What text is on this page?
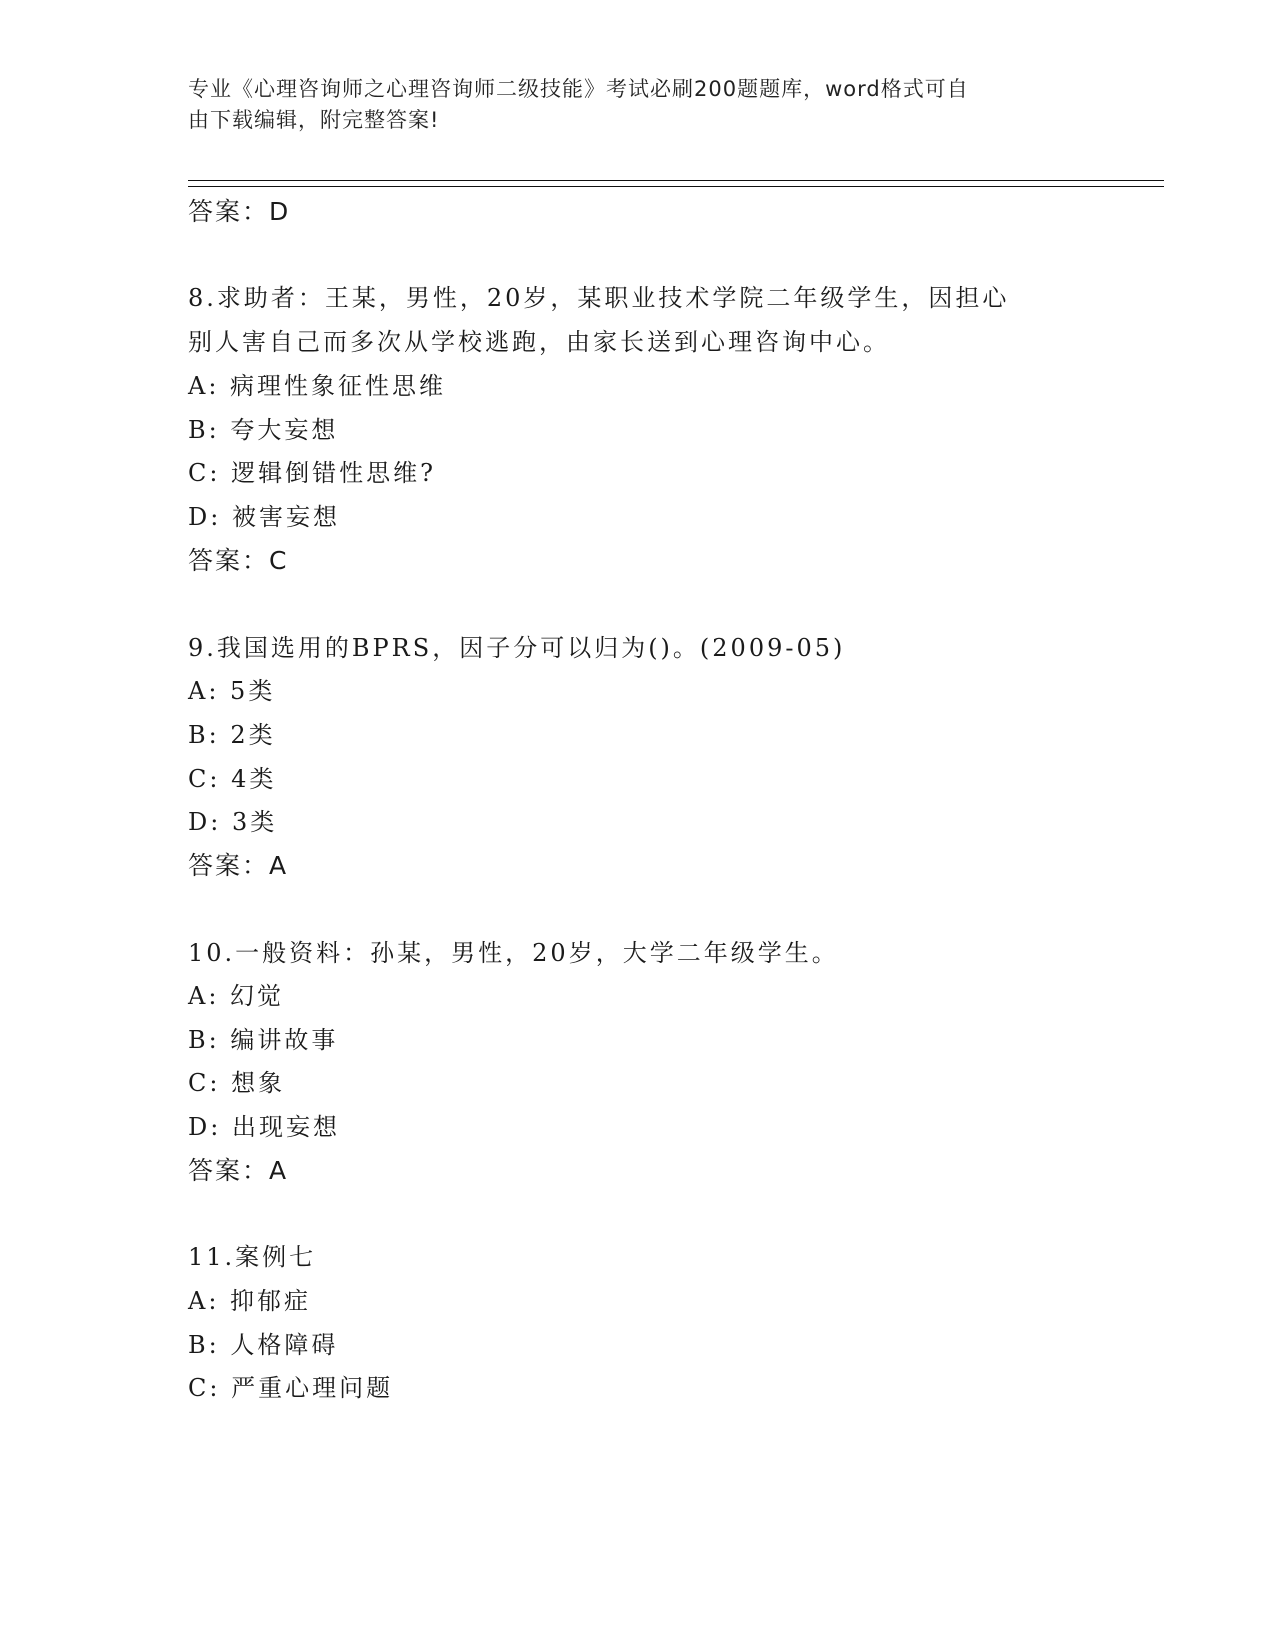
专业《心理咨询师之心理咨询师二级技能》考试必刷200题题库，word格式可自
由下载编辑，附完整答案!
答案：D
8.求助者：王某，男性，20岁，某职业技术学院二年级学生，因担心
别人害自己而多次从学校逃跑，由家长送到心理咨询中心。
A: 病理性象征性思维
B: 夸大妄想
C: 逻辑倒错性思维?
D: 被害妄想
答案：C
9.我国选用的BPRS，因子分可以归为()。(2009-05)
A: 5类
B: 2类
C: 4类
D: 3类
答案：A
10.一般资料：孙某，男性，20岁，大学二年级学生。
A: 幻觉
B: 编讲故事
C: 想象
D: 出现妄想
答案：A
11.案例七
A: 抑郁症
B: 人格障碍
C: 严重心理问题
